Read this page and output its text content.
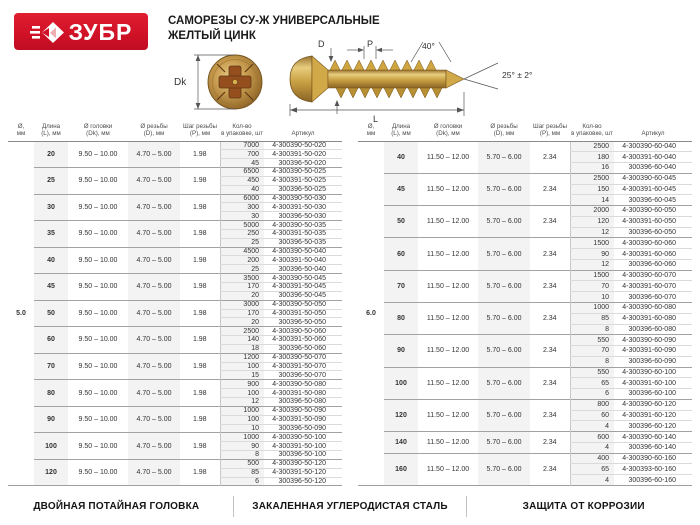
ЗУБР	САМОРЕЗЫ СУ-Ж УНИВЕРСАЛЬНЫЕ
ЖЕЛТЫЙ ЦИНК
Dk
D	P	40°
25° ± 2°
L
Ø,
мм

Длина
(L), мм

Ø головки
(Dk), мм

Ø резьбы
(D), мм

Шаг резьбы
(P), мм

Кол-во
в упаковке, шт	Артикул

5.0	20	9.50 – 10.00	4.70 – 5.00	1.98	7000	4-300390-50-020
					700	4-300391-50-020
					45	300396-50-020
	25	9.50 – 10.00	4.70 – 5.00	1.98	6500	4-300390-50-025
					450	4-300391-50-025
					40	300396-50-025
	30	9.50 – 10.00	4.70 – 5.00	1.98	6000	4-300390-50-030
					300	4-300391-50-030
					30	300396-50-030
	35	9.50 – 10.00	4.70 – 5.00	1.98	5000	4-300390-50-035
					250	4-300391-50-035
					25	300396-50-035
	40	9.50 – 10.00	4.70 – 5.00	1.98	4500	4-300390-50-040
					200	4-300391-50-040
					25	300396-50-040
	45	9.50 – 10.00	4.70 – 5.00	1.98	3500	4-300390-50-045
					170	4-300391-50-045
					20	300396-50-045
	50	9.50 – 10.00	4.70 – 5.00	1.98	3000	4-300390-50-050
					170	4-300391-50-050
					20	300396-50-050
	60	9.50 – 10.00	4.70 – 5.00	1.98	2500	4-300390-50-060
					140	4-300391-50-060
					18	300396-50-060
	70	9.50 – 10.00	4.70 – 5.00	1.98	1200	4-300390-50-070
					100	4-300391-50-070
					15	300396-50-070
	80	9.50 – 10.00	4.70 – 5.00	1.98	900	4-300390-50-080
					100	4-300391-50-080
					12	300396-50-080
	90	9.50 – 10.00	4.70 – 5.00	1.98	1000	4-300390-50-090
					100	4-300391-50-090
					10	300396-50-090
	100	9.50 – 10.00	4.70 – 5.00	1.98	1000	4-300390-50-100
					90	4-300391-50-100
					8	300396-50-100
	120	9.50 – 10.00	4.70 – 5.00	1.98	500	4-300390-50-120
					85	4-300391-50-120
					6	300396-50-120
Ø,
мм

Длина
(L), мм

Ø головки
(Dk), мм

Ø резьбы
(D), мм

Шаг резьбы
(P), мм

Кол-во
в упаковке, шт	Артикул

6.0	40	11.50 – 12.00	5.70 – 6.00	2.34	2500	4-300390-60-040
					180	4-300391-60-040
					16	300396-60-040
	45	11.50 – 12.00	5.70 – 6.00	2.34	2500	4-300390-60-045
					150	4-300391-60-045
					14	300396-60-045
	50	11.50 – 12.00	5.70 – 6.00	2.34	2000	4-300390-60-050
					120	4-300391-60-050
					12	300396-60-050
	60	11.50 – 12.00	5.70 – 6.00	2.34	1500	4-300390-60-060
					90	4-300391-60-060
					12	300396-60-060
	70	11.50 – 12.00	5.70 – 6.00	2.34	1500	4-300390-60-070
					70	4-300391-60-070
					10	300396-60-070
	80	11.50 – 12.00	5.70 – 6.00	2.34	1000	4-300390-60-080
					85	4-300391-60-080
					8	300396-60-080
	90	11.50 – 12.00	5.70 – 6.00	2.34	550	4-300390-60-090
					70	4-300391-60-090
					8	300396-60-090
	100	11.50 – 12.00	5.70 – 6.00	2.34	550	4-300390-60-100
					65	4-300391-60-100
					6	300396-60-100
	120	11.50 – 12.00	5.70 – 6.00	2.34	800	4-300390-60-120
					60	4-300391-60-120
					4	300396-60-120
	140	11.50 – 12.00	5.70 – 6.00	2.34	600	4-300390-60-140
					4	300396-60-140
	160	11.50 – 12.00	5.70 – 6.00	2.34	400	4-300390-60-160
					65	4-300393-60-160
					4	300396-60-160
ДВОЙНАЯ ПОТАЙНАЯ ГОЛОВКА	ЗАКАЛЕННАЯ УГЛЕРОДИСТАЯ СТАЛЬ	ЗАЩИТА ОТ КОРРОЗИИ
